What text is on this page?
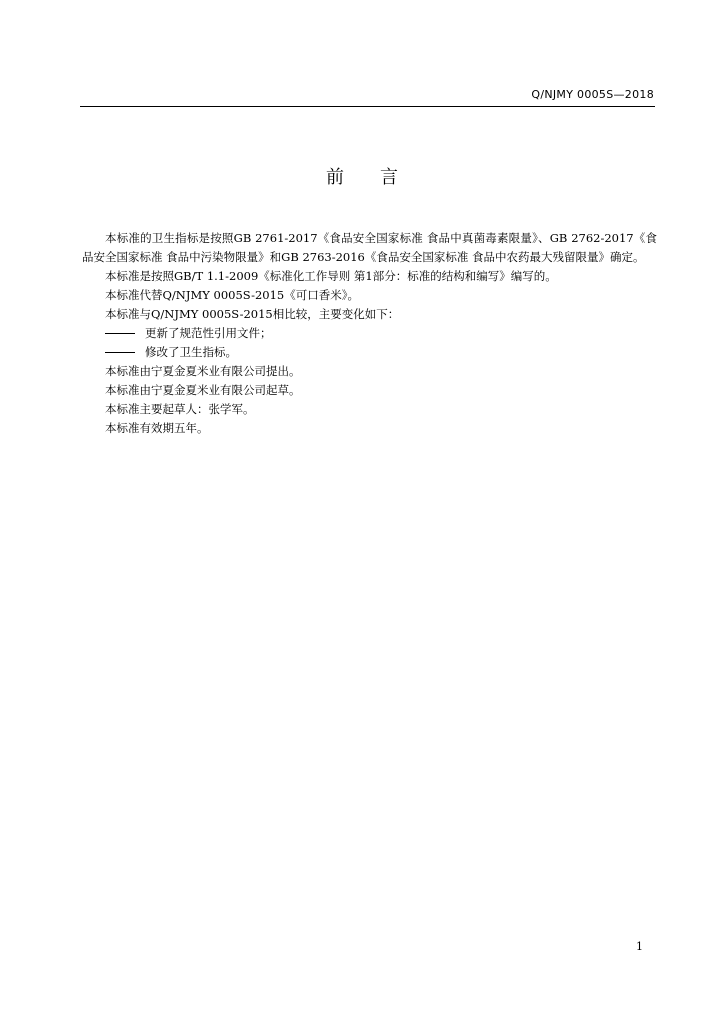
Q/NJMY 0005S—2018
前　　言

本标准的卫生指标是按照GB 2761-2017《食品安全国家标准 食品中真菌毒素限量》、GB 2762-2017《食品安全国家标准 食品中污染物限量》和GB 2763-2016《食品安全国家标准 食品中农药最大残留限量》确定。

本标准是按照GB/T 1.1-2009《标准化工作导则 第1部分：标准的结构和编写》编写的。

本标准代替Q/NJMY 0005S-2015《可口香米》。

本标准与Q/NJMY 0005S-2015相比较，主要变化如下：

更新了规范性引用文件；

修改了卫生指标。

本标准由宁夏金夏米业有限公司提出。

本标准由宁夏金夏米业有限公司起草。

本标准主要起草人：张学军。

本标准有效期五年。

1
